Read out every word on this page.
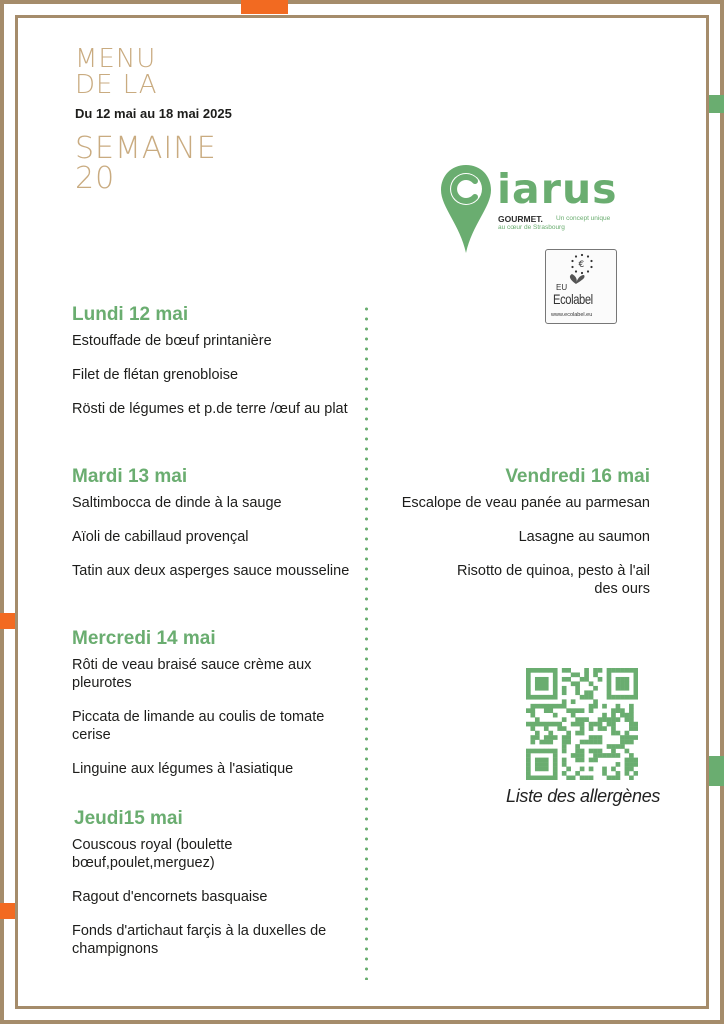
MENU
DE LA
Du 12 mai au 18 mai 2025
SEMAINE
20	iarus
GOURMET. Un concept unique
au cœur de Strasbourg
€
EU
Ecolabel
www.ecolabel.eu
Lundi 12 mai
Estouffade de bœuf printanière
Filet de flétan grenobloise
Rösti de légumes et p.de terre /œuf au plat
Mardi 13 mai
Saltimbocca de dinde à la sauge
Aïoli de cabillaud provençal
Tatin aux deux asperges sauce mousseline
Mercredi 14 mai
Rôti de veau braisé sauce crème aux pleurotes
Piccata de limande au coulis de tomate cerise
Linguine aux légumes à l'asiatique
Jeudi15 mai
Couscous royal (boulette bœuf,poulet,merguez)
Ragout d'encornets basquaise
Fonds d'artichaut farçis à la duxelles de champignons
Vendredi 16 mai
Escalope de veau panée au parmesan
Lasagne au saumon
Risotto de quinoa, pesto à l'ail des ours
Liste des allergènes
